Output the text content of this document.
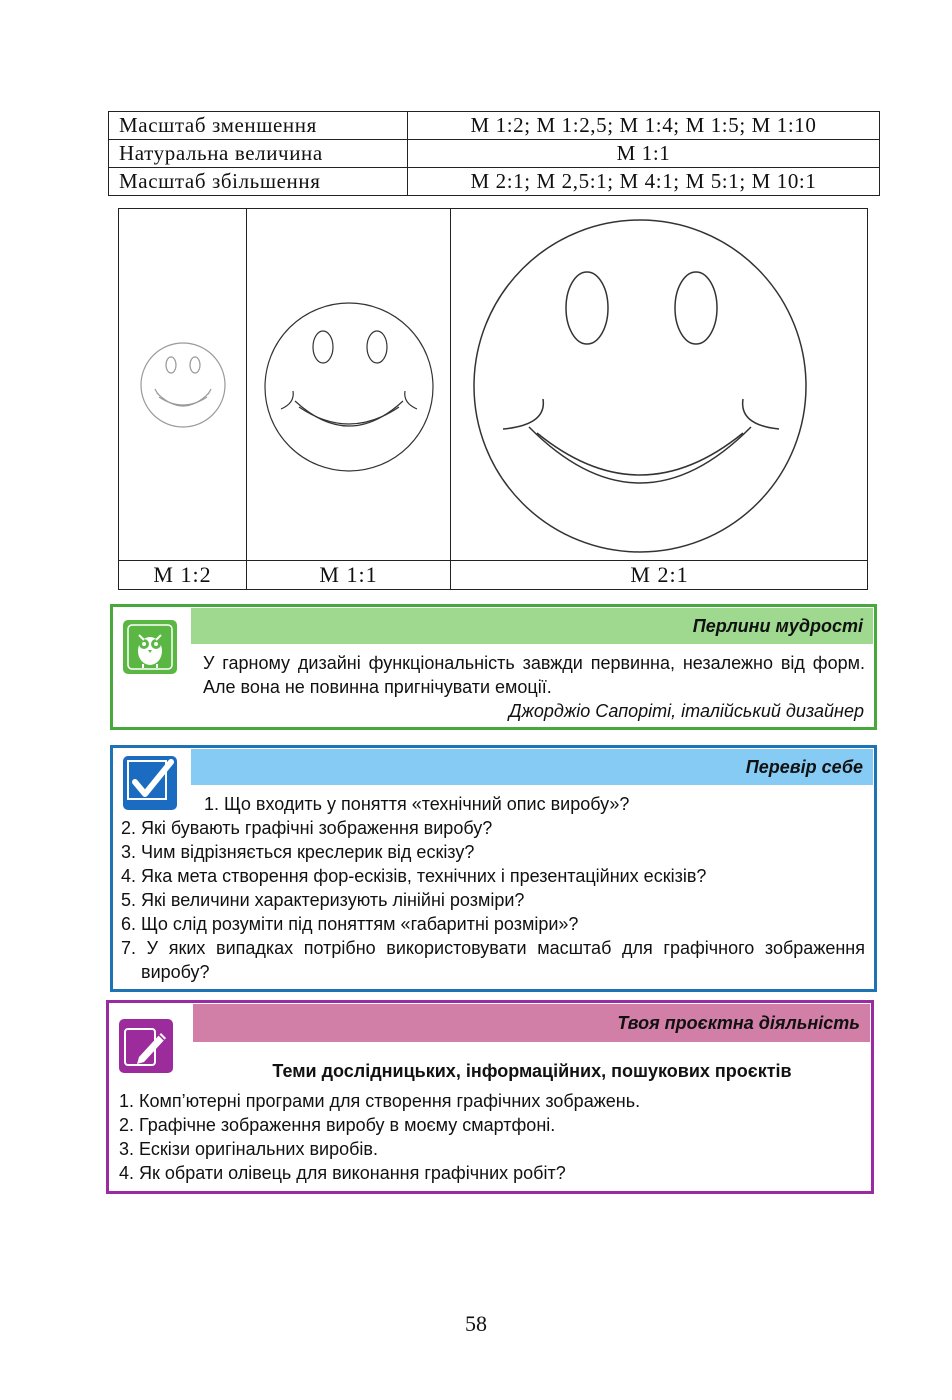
Масштаб зменшення	М 1:2; М 1:2,5; М 1:4; М 1:5; М 1:10
Натуральна величина	М 1:1
Масштаб збільшення	М 2:1; М 2,5:1; М 4:1; М 5:1; М 10:1
М 1:2	М 1:1	М 2:1
Перлини мудрості

У гарному дизайні функціональність завжди первинна, незалежно від форм. Але вона не повинна пригнічувати емоції.

Джорджіо Сапоріті, італійський дизайнер
Перевір себе
1. Що входить у поняття «технічний опис виробу»?
2. Які бувають графічні зображення виробу?
3. Чим відрізняється креслерик від ескізу?
4. Яка мета створення фор-ескізів, технічних і презентаційних ескізів?
5. Які величини характеризують лінійні розміри?
6. Що слід розуміти під поняттям «габаритні розміри»?
7. У яких випадках потрібно використовувати масштаб для графічного зображення виробу?
Твоя проєктна діяльність
Теми дослідницьких, інформаційних, пошукових проєктів
1. Комп’ютерні програми для створення графічних зображень.
2. Графічне зображення виробу в моєму смартфоні.
3. Ескізи оригінальних виробів.
4. Як обрати олівець для виконання графічних робіт?
58
